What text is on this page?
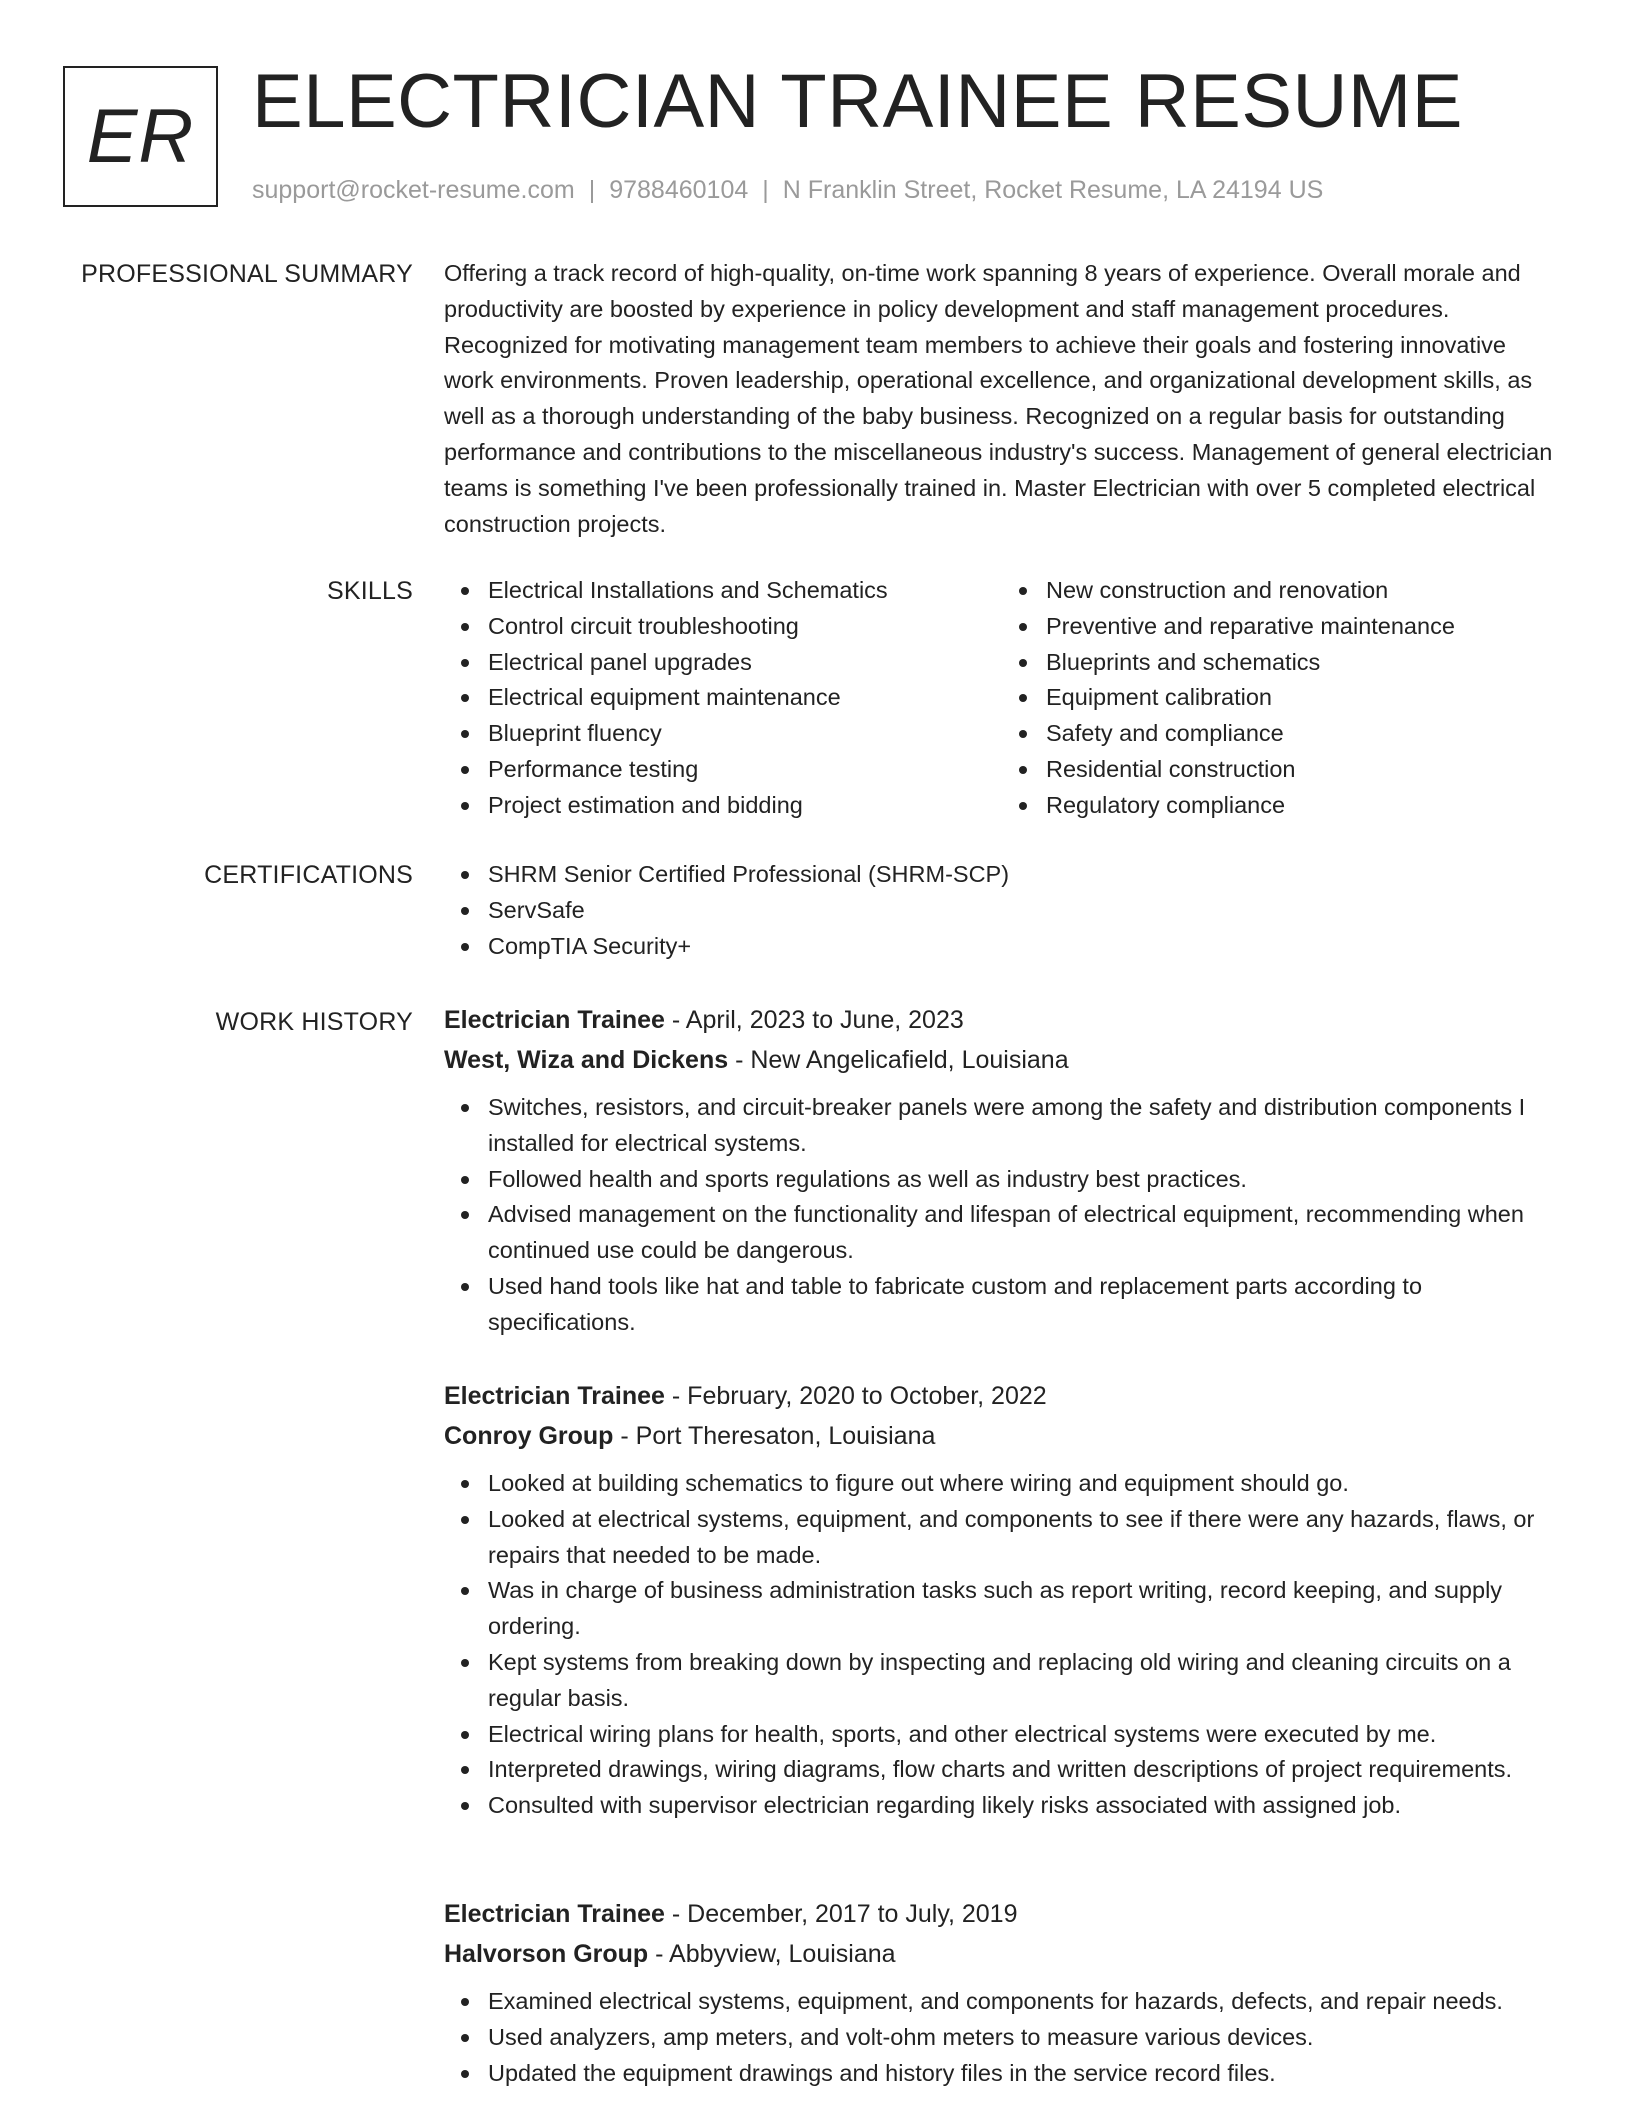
ER ELECTRICIAN TRAINEE RESUME
support@rocket-resume.com | 9788460104 | N Franklin Street, Rocket Resume, LA 24194 US
PROFESSIONAL SUMMARY Offering a track record of high-quality, on-time work spanning 8 years of experience. Overall morale and productivity are boosted by experience in policy development and staff management procedures. Recognized for motivating management team members to achieve their goals and fostering innovative work environments. Proven leadership, operational excellence, and organizational development skills, as well as a thorough understanding of the baby business. Recognized on a regular basis for outstanding performance and contributions to the miscellaneous industry's success. Management of general electrician teams is something I've been professionally trained in. Master Electrician with over 5 completed electrical construction projects.

SKILLS	Electrical Installations and Schematics
Control circuit troubleshooting
Electrical panel upgrades
Electrical equipment maintenance
Blueprint fluency
Performance testing
Project estimation and bidding
New construction and renovation
Preventive and reparative maintenance
Blueprints and schematics
Equipment calibration
Safety and compliance
Residential construction
Regulatory compliance
CERTIFICATIONS	SHRM Senior Certified Professional (SHRM-SCP)
ServSafe
CompTIA Security+
WORK HISTORY Electrician Trainee - April, 2023 to June, 2023
West, Wiza and Dickens - New Angelicafield, Louisiana
Switches, resistors, and circuit-breaker panels were among the safety and distribution components I installed for electrical systems.
Followed health and sports regulations as well as industry best practices.
Advised management on the functionality and lifespan of electrical equipment, recommending when continued use could be dangerous.
Used hand tools like hat and table to fabricate custom and replacement parts according to specifications.
Electrician Trainee - February, 2020 to October, 2022
Conroy Group - Port Theresaton, Louisiana
Looked at building schematics to figure out where wiring and equipment should go.
Looked at electrical systems, equipment, and components to see if there were any hazards, flaws, or repairs that needed to be made.
Was in charge of business administration tasks such as report writing, record keeping, and supply ordering.
Kept systems from breaking down by inspecting and replacing old wiring and cleaning circuits on a regular basis.
Electrical wiring plans for health, sports, and other electrical systems were executed by me.
Interpreted drawings, wiring diagrams, flow charts and written descriptions of project requirements.
Consulted with supervisor electrician regarding likely risks associated with assigned job.
Electrician Trainee - December, 2017 to July, 2019
Halvorson Group - Abbyview, Louisiana
Examined electrical systems, equipment, and components for hazards, defects, and repair needs.
Used analyzers, amp meters, and volt-ohm meters to measure various devices.
Updated the equipment drawings and history files in the service record files.
